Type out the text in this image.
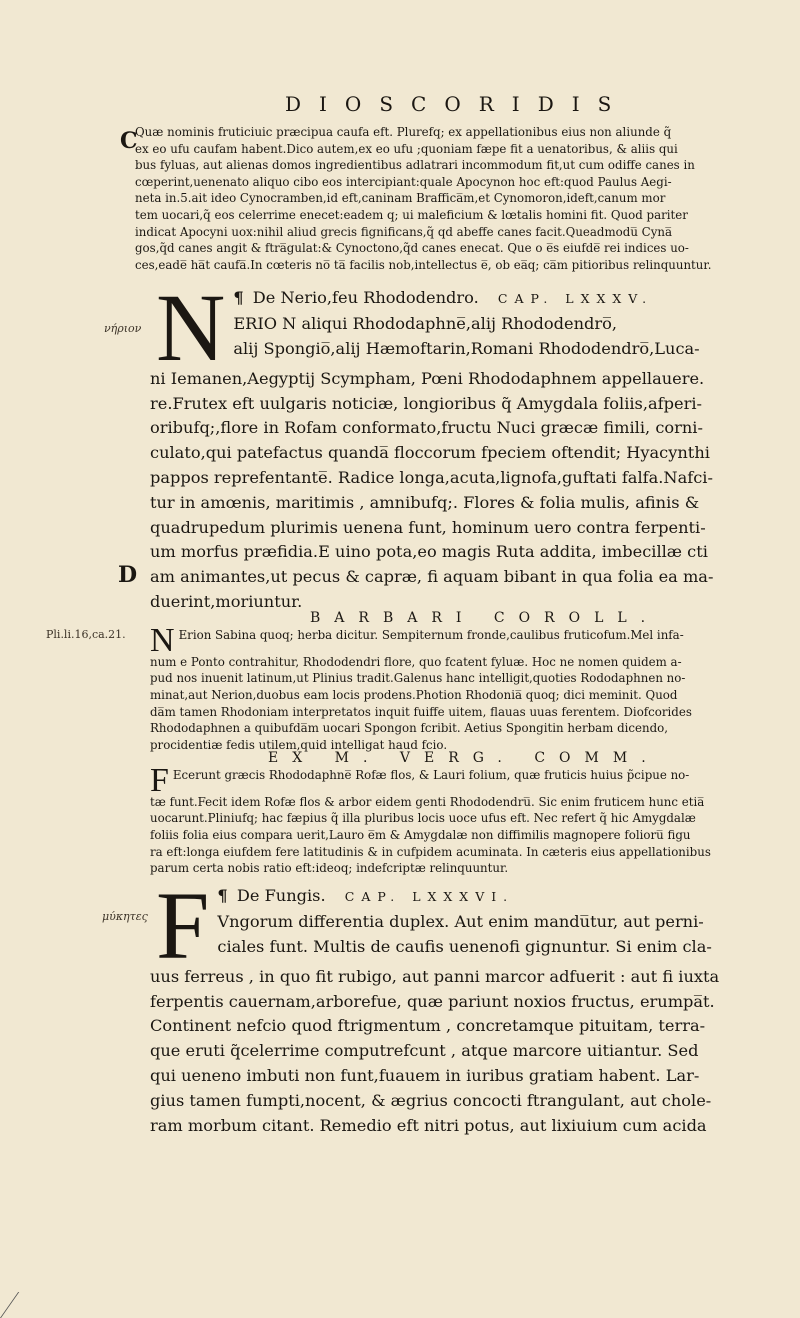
DIOSCORIDIS
C
νήριον
D
Pli.li.16,ca.21.
μύκητες
Quæ nominis fruticiuic præcipua caufa eft. Plurefq; ex appellationibus eius non aliunde q̃
ex eo ufu caufam habent.Dico autem,ex eo ufu ;quoniam fæpe fit a uenatoribus, & aliis qui
bus fyluas, aut alienas domos ingredientibus adlatrari incommodum fit,ut cum odiffe canes in
cœperint,uenenato aliquo cibo eos intercipiant:quale Apocynon hoc eft:quod Paulus Aegi-
neta in.5.ait ideo Cynocramben,id eft,caninam Braffica̅m,et Cynomoron,ideft,canum mor
tem uocari,q̃ eos celerrime enecet:eadem q; ui maleficium & lœtalis homini fit. Quod pariter
indicat Apocyni uox:nihil aliud grecis fignificans,q̃ qd abeffe canes facit.Queadmodu̅ Cyna̅
gos,q̃d canes angit & ftra̅gulat:& Cynoctono,q̃d canes enecat. Que o e̅s eiufde̅ rei indices uo-
ces,eade̅ ha̅t caufa̅.In cœteris no̅ ta̅ facilis nob,intellectus e̅, ob ea̅q; ca̅m pitioribus relinquuntur.
N ¶ De Nerio,feu Rhododendro. CAP. LXXXV.
ERIO N aliqui Rhododaphne̅,alij Rhododendro̅,
alij Spongio̅,alij Hæmoftarin,Romani Rhododendro̅,Luca-
ni Iemanen,Aegyptij Scympham, Pœni Rhododaphnem appellauere.
re.Frutex eft uulgaris noticiæ, longioribus q̃ Amygdala foliis,afperi-
oribufq;,flore in Rofam conformato,fructu Nuci græcæ fimili, corni-
culato,qui patefactus quanda̅ floccorum fpeciem oftendit; Hyacynthi
pappos reprefentante̅. Radice longa,acuta,lignofa,guftati falfa.Nafci-
tur in amœnis, maritimis , amnibufq;. Flores & folia mulis, afinis &
quadrupedum plurimis uenena funt, hominum uero contra ferpenti-
um morfus præfidia.E uino pota,eo magis Ruta addita, imbecillæ cti
am animantes,ut pecus & capræ, fi aquam bibant in qua folia ea ma-
duerint,moriuntur.
BARBARI COROLL.
N Erion Sabina quoq; herba dicitur. Sempiternum fronde,caulibus fruticofum.Mel infa-
num e Ponto contrahitur, Rhododendri flore, quo fcatent fyluæ. Hoc ne nomen quidem a-
pud nos inuenit latinum,ut Plinius tradit.Galenus hanc intelligit,quoties Rododaphnen no-
minat,aut Nerion,duobus eam locis prodens.Photion Rhodonia̅ quoq; dici meminit. Quod
da̅m tamen Rhodoniam interpretatos inquit fuiffe uitem, flauas uuas ferentem. Diofcorides
Rhododaphnen a quibufda̅m uocari Spongon fcribit. Aetius Spongitin herbam dicendo,
procidentiæ fedis utilem,quid intelligat haud fcio.
EX M. VERG. COMM.
F Ecerunt græcis Rhododaphne̅ Rofæ flos, & Lauri folium, quæ fruticis huius p̃cipue no-
tæ funt.Fecit idem Rofæ flos & arbor eidem genti Rhododendru̅. Sic enim fruticem hunc etia̅
uocarunt.Pliniufq; hac fæpius q̃ illa pluribus locis uoce ufus eft. Nec refert q̃ hic Amygdalæ
foliis folia eius compara uerit,Lauro e̅m & Amygdalæ non diffimilis magnopere folioru̅ figu
ra eft:longa eiufdem fere latitudinis & in cufpidem acuminata. In cæteris eius appellationibus
parum certa nobis ratio eft:ideoq; indefcriptæ relinquuntur.
F ¶ De Fungis. CAP. LXXXVI.
Vngorum differentia duplex. Aut enim mandu̅tur, aut perni-
ciales funt. Multis de caufis uenenofi gignuntur. Si enim cla-
uus ferreus , in quo fit rubigo, aut panni marcor adfuerit : aut fi iuxta
ferpentis cauernam,arborefue, quæ pariunt noxios fructus, erumpa̅t.
Continent nefcio quod ftrigmentum , concretamque pituitam, terra-
que eruti q̃celerrime computrefcunt , atque marcore uitiantur. Sed
qui ueneno imbuti non funt,fuauem in iuribus gratiam habent. Lar-
gius tamen fumpti,nocent, & ægrius concocti ftrangulant, aut chole-
ram morbum citant. Remedio eft nitri potus, aut lixiuium cum acida
